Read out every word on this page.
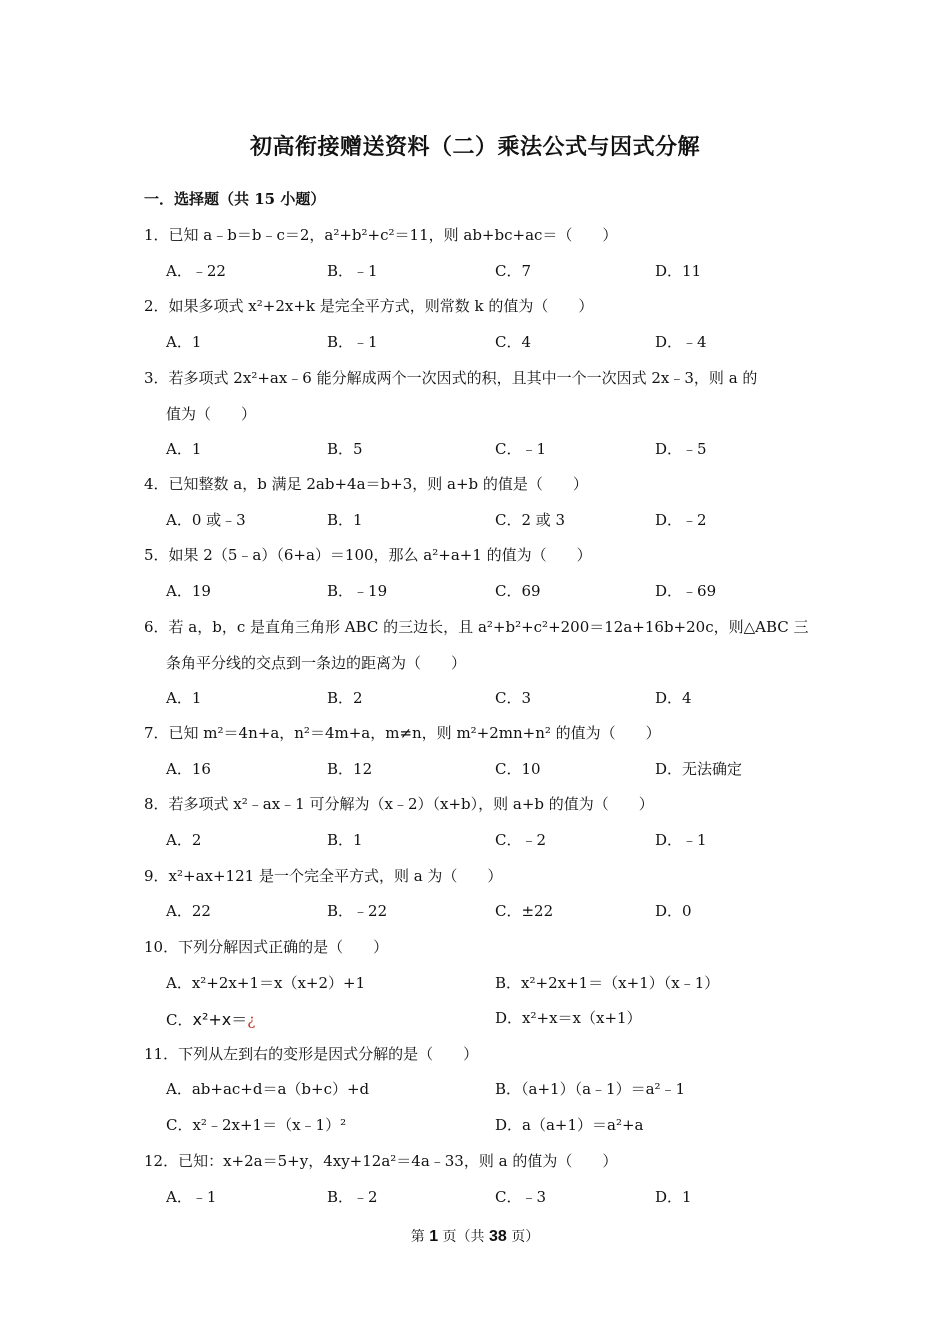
初高衔接赠送资料（二）乘法公式与因式分解
一．选择题（共 15 小题）
1．已知 a﹣b＝b﹣c＝2，a²+b²+c²＝11，则 ab+bc+ac＝（　　）
A．﹣22	B．﹣1	C．7	D．11
2．如果多项式 x²+2x+k 是完全平方式，则常数 k 的值为（　　）
A．1	B．﹣1	C．4	D．﹣4
3．若多项式 2x²+ax﹣6 能分解成两个一次因式的积，且其中一个一次因式 2x﹣3，则 a 的
值为（　　）
A．1	B．5	C．﹣1	D．﹣5
4．已知整数 a，b 满足 2ab+4a＝b+3，则 a+b 的值是（　　）
A．0 或﹣3	B．1	C．2 或 3	D．﹣2
5．如果 2（5﹣a）（6+a）＝100，那么 a²+a+1 的值为（　　）
A．19	B．﹣19	C．69	D．﹣69
6．若 a，b，c 是直角三角形 ABC 的三边长，且 a²+b²+c²+200＝12a+16b+20c，则△ABC 三
条角平分线的交点到一条边的距离为（　　）
A．1	B．2	C．3	D．4
7．已知 m²＝4n+a，n²＝4m+a，m≠n，则 m²+2mn+n² 的值为（　　）
A．16	B．12	C．10	D．无法确定
8．若多项式 x²﹣ax﹣1 可分解为（x﹣2）（x+b），则 a+b 的值为（　　）
A．2	B．1	C．﹣2	D．﹣1
9．x²+ax+121 是一个完全平方式，则 a 为（　　）
A．22	B．﹣22	C．±22	D．0
10．下列分解因式正确的是（　　）
A．x²+2x+1＝x（x+2）+1	B．x²+2x+1＝（x+1）（x﹣1）
C．x²+x＝¿	D．x²+x＝x（x+1）
11．下列从左到右的变形是因式分解的是（　　）
A．ab+ac+d＝a（b+c）+d	B．（a+1）（a﹣1）＝a²﹣1
C．x²﹣2x+1＝（x﹣1）²	D．a（a+1）＝a²+a
12．已知：x+2a＝5+y，4xy+12a²＝4a﹣33，则 a 的值为（　　）
A．﹣1	B．﹣2	C．﹣3	D．1
第 1 页（共 38 页）
